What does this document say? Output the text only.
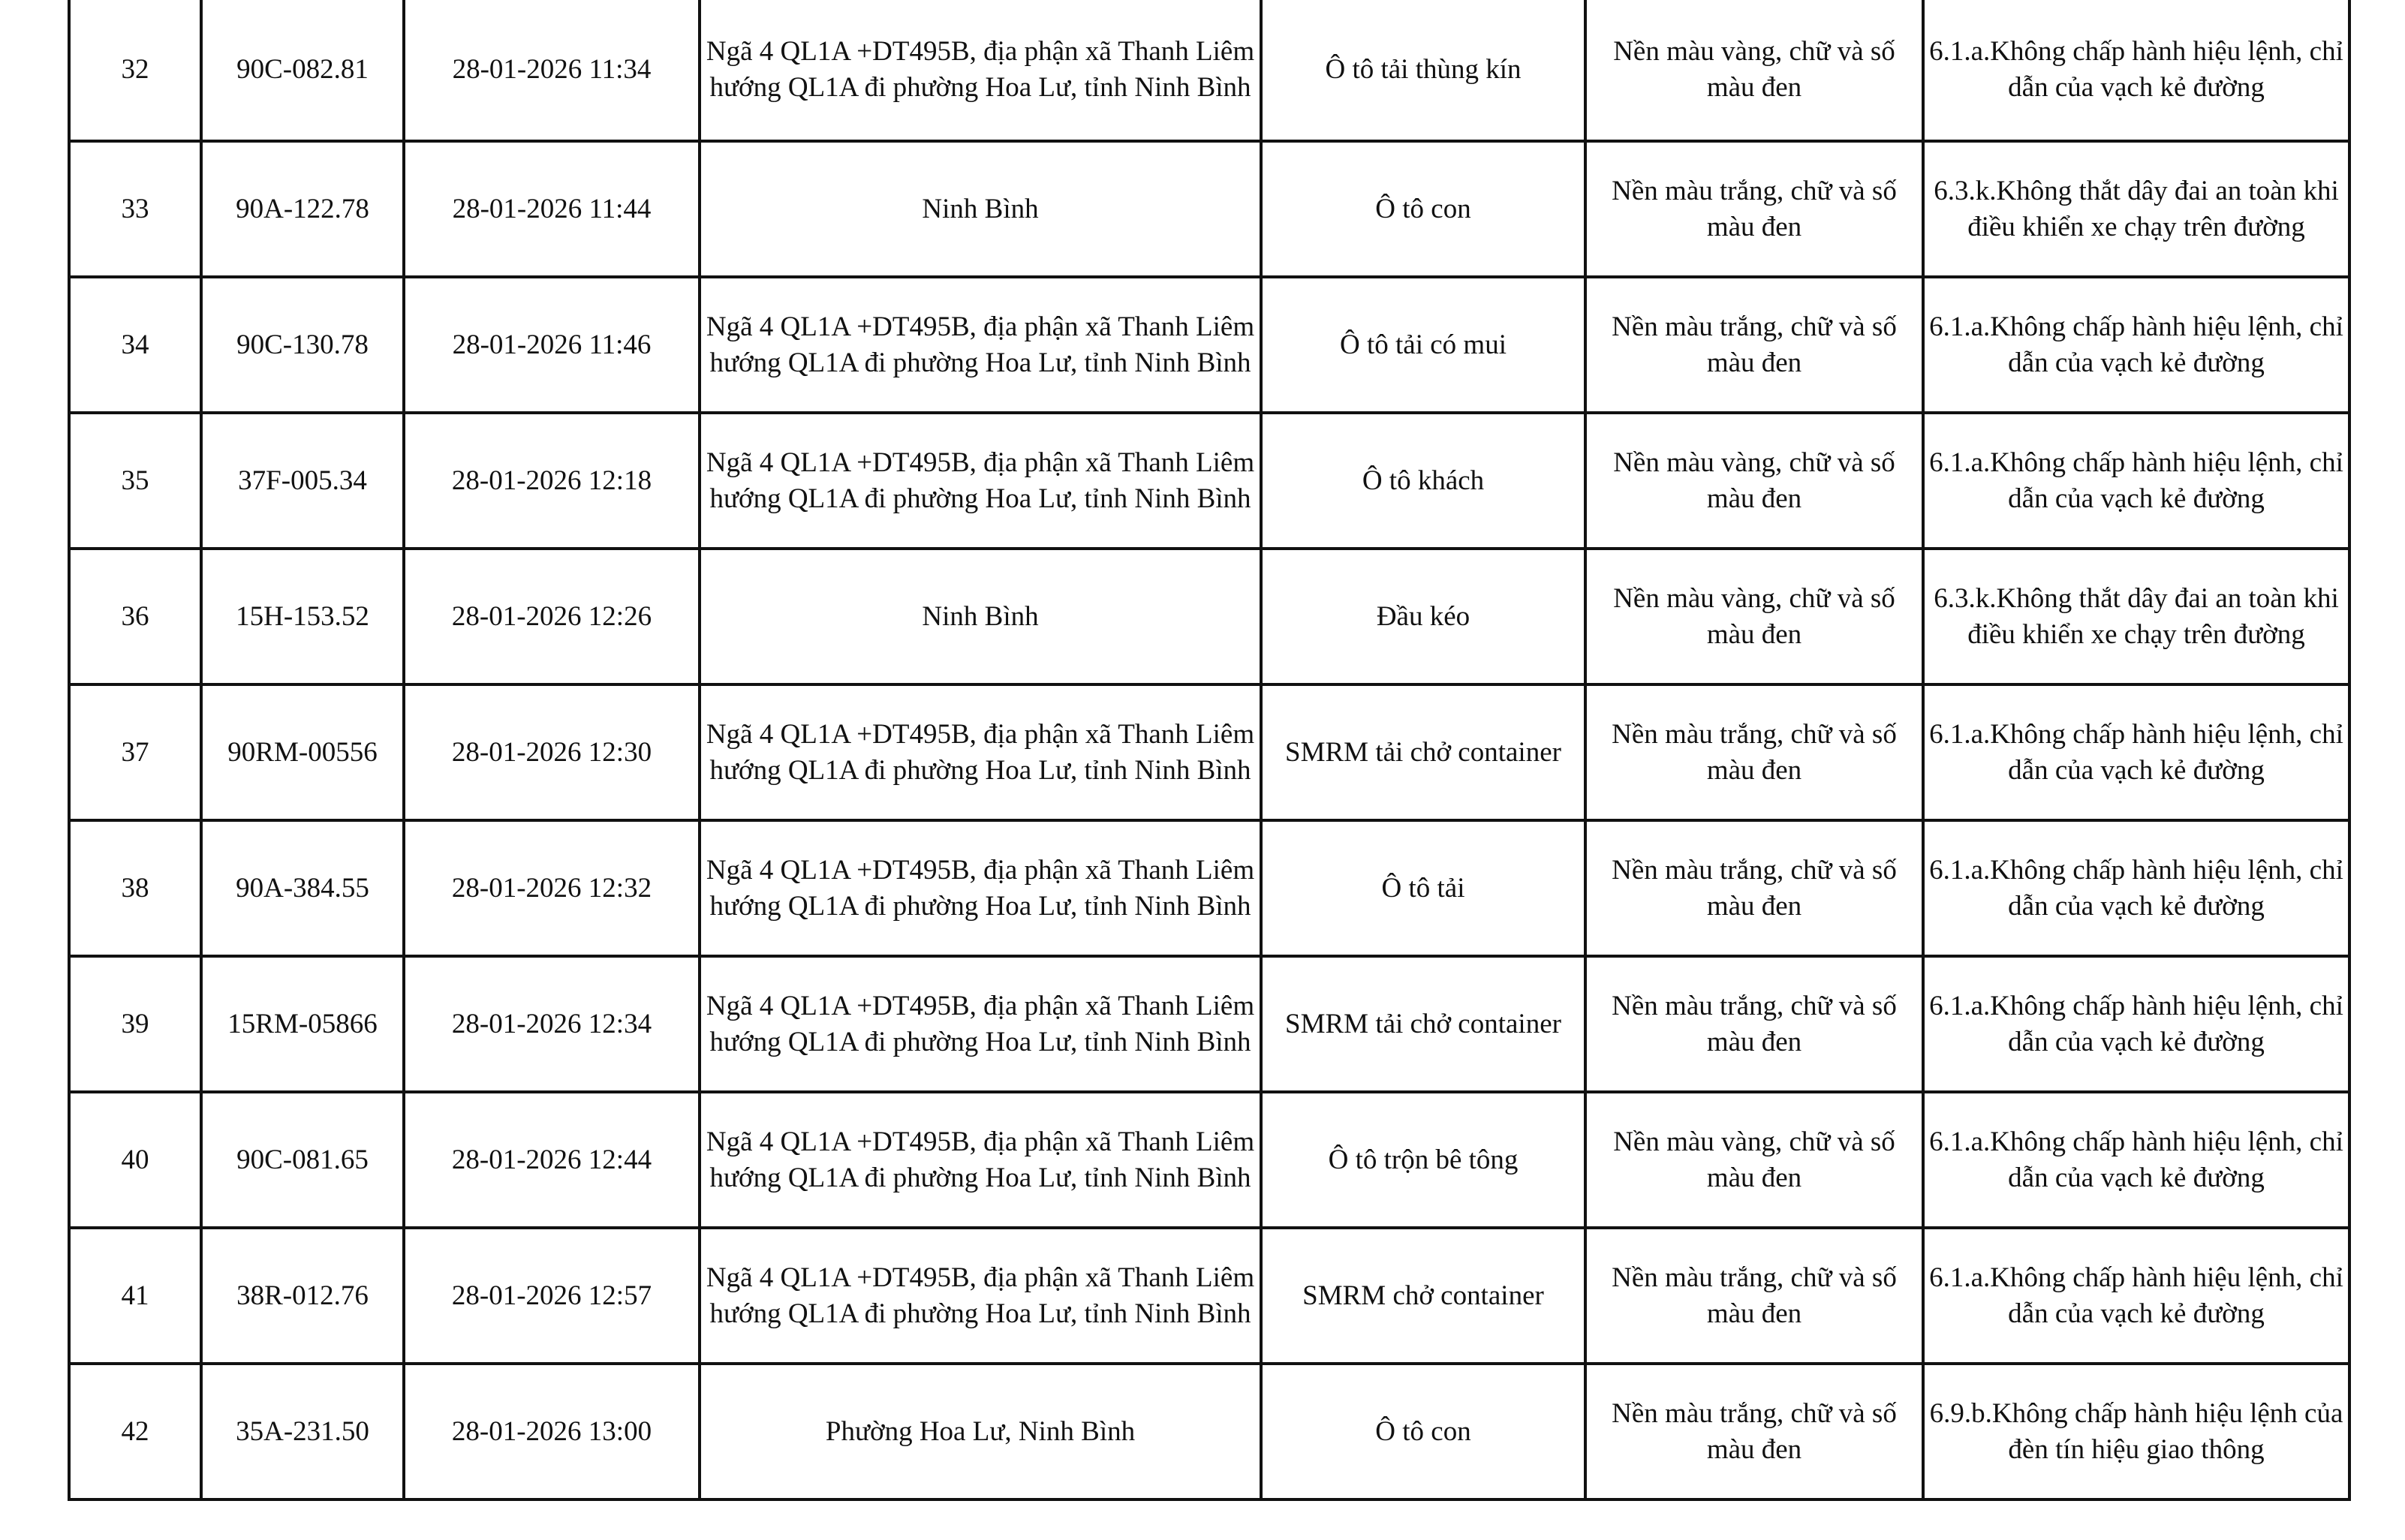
32	90C-082.81	28-01-2026 11:34	Ngã 4 QL1A +DT495B, địa phận xã Thanh Liêm hướng QL1A đi phường Hoa Lư, tỉnh Ninh Bình	Ô tô tải thùng kín	Nền màu vàng, chữ và số màu đen	6.1.a.Không chấp hành hiệu lệnh, chỉ dẫn của vạch kẻ đường

33	90A-122.78	28-01-2026 11:44	Ninh Bình	Ô tô con	Nền màu trắng, chữ và số màu đen	6.3.k.Không thắt dây đai an toàn khi điều khiển xe chạy trên đường

34	90C-130.78	28-01-2026 11:46	Ngã 4 QL1A +DT495B, địa phận xã Thanh Liêm hướng QL1A đi phường Hoa Lư, tỉnh Ninh Bình	Ô tô tải có mui	Nền màu trắng, chữ và số màu đen	6.1.a.Không chấp hành hiệu lệnh, chỉ dẫn của vạch kẻ đường

35	37F-005.34	28-01-2026 12:18	Ngã 4 QL1A +DT495B, địa phận xã Thanh Liêm hướng QL1A đi phường Hoa Lư, tỉnh Ninh Bình	Ô tô khách	Nền màu vàng, chữ và số màu đen	6.1.a.Không chấp hành hiệu lệnh, chỉ dẫn của vạch kẻ đường

36	15H-153.52	28-01-2026 12:26	Ninh Bình	Đầu kéo	Nền màu vàng, chữ và số màu đen	6.3.k.Không thắt dây đai an toàn khi điều khiển xe chạy trên đường

37	90RM-00556	28-01-2026 12:30	Ngã 4 QL1A +DT495B, địa phận xã Thanh Liêm hướng QL1A đi phường Hoa Lư, tỉnh Ninh Bình	SMRM tải chở container	Nền màu trắng, chữ và số màu đen	6.1.a.Không chấp hành hiệu lệnh, chỉ dẫn của vạch kẻ đường

38	90A-384.55	28-01-2026 12:32	Ngã 4 QL1A +DT495B, địa phận xã Thanh Liêm hướng QL1A đi phường Hoa Lư, tỉnh Ninh Bình	Ô tô tải	Nền màu trắng, chữ và số màu đen	6.1.a.Không chấp hành hiệu lệnh, chỉ dẫn của vạch kẻ đường

39	15RM-05866	28-01-2026 12:34	Ngã 4 QL1A +DT495B, địa phận xã Thanh Liêm hướng QL1A đi phường Hoa Lư, tỉnh Ninh Bình	SMRM tải chở container	Nền màu trắng, chữ và số màu đen	6.1.a.Không chấp hành hiệu lệnh, chỉ dẫn của vạch kẻ đường

40	90C-081.65	28-01-2026 12:44	Ngã 4 QL1A +DT495B, địa phận xã Thanh Liêm hướng QL1A đi phường Hoa Lư, tỉnh Ninh Bình	Ô tô trộn bê tông	Nền màu vàng, chữ và số màu đen	6.1.a.Không chấp hành hiệu lệnh, chỉ dẫn của vạch kẻ đường

41	38R-012.76	28-01-2026 12:57	Ngã 4 QL1A +DT495B, địa phận xã Thanh Liêm hướng QL1A đi phường Hoa Lư, tỉnh Ninh Bình	SMRM chở container	Nền màu trắng, chữ và số màu đen	6.1.a.Không chấp hành hiệu lệnh, chỉ dẫn của vạch kẻ đường

42	35A-231.50	28-01-2026 13:00	Phường Hoa Lư, Ninh Bình	Ô tô con	Nền màu trắng, chữ và số màu đen	6.9.b.Không chấp hành hiệu lệnh của đèn tín hiệu giao thông
